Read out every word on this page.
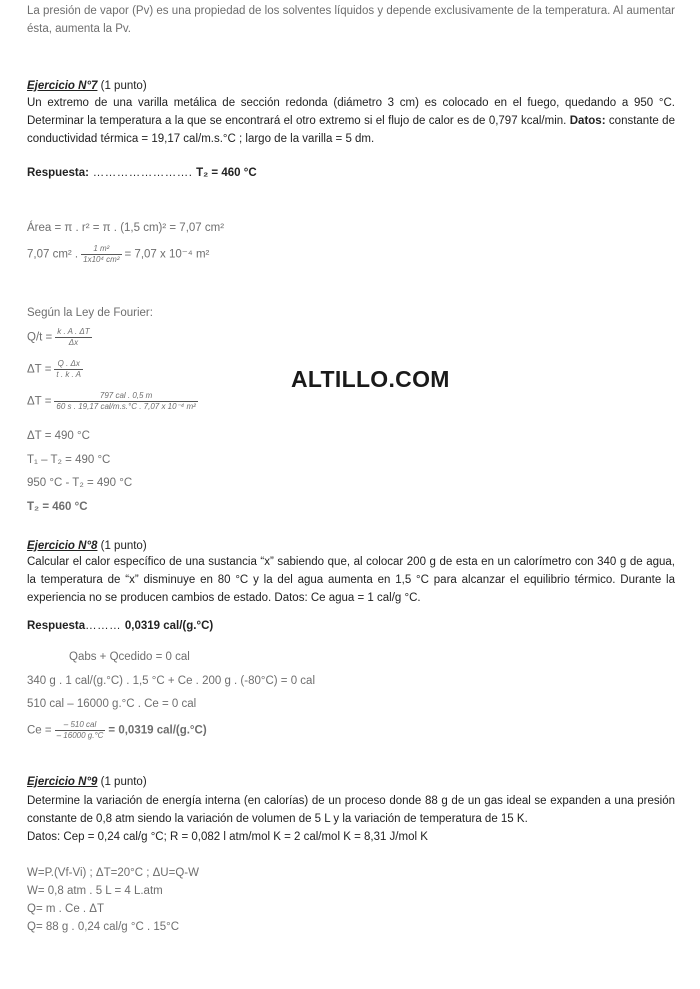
La presión de vapor (Pv) es una propiedad de los solventes líquidos y depende exclusivamente de la temperatura. Al aumentar ésta, aumenta la Pv.
Ejercicio N°7 (1 punto)
Un extremo de una varilla metálica de sección redonda (diámetro 3 cm) es colocado en el fuego, quedando a 950 °C. Determinar la temperatura a la que se encontrará el otro extremo si el flujo de calor es de 0,797 kcal/min. Datos: constante de conductividad térmica = 19,17 cal/m.s.°C ; largo de la varilla = 5 dm.
Respuesta: ……………………. T₂ = 460 °C
Área = π . r² = π . (1,5 cm)² = 7,07 cm²
7,07 cm² . $\frac{\text{1 m²}}{\text{1x10⁴ cm²}} = 7,07$ x 10⁻⁴ m²
Según la Ley de Fourier:
$Q/t = \frac{k . A . \Delta T}{\Delta x}$
$\Delta T = \frac{Q . \Delta x}{t . k . A}$
$\Delta T = \frac{\text{797 cal . 0,5 m}}{\text{60 s . 19,17 cal/m.s.°C . 7,07 x 10⁻⁴ m²}}$
ΔT = 490 °C
T₁ – T₂ = 490 °C
950 °C - T₂ = 490 °C
T₂ = 460 °C
ALTILLO.COM
Ejercicio N°8 (1 punto)
Calcular el calor específico de una sustancia “x” sabiendo que, al colocar 200 g de esta en un calorímetro con 340 g de agua, la temperatura de “x” disminuye en 80 °C y la del agua aumenta en 1,5 °C para alcanzar el equilibrio térmico. Durante la experiencia no se producen cambios de estado. Datos: Ce agua = 1 cal/g °C.
Respuesta……… 0,0319 cal/(g.°C)
Qabs + Qcedido = 0 cal
340 g . 1 cal/(g.°C) . 1,5 °C + Ce . 200 g . (-80°C) = 0 cal
510 cal – 16000 g.°C . Ce = 0 cal
$Ce = \frac{\text{– 510 cal}}{- 16000 g.^\circ C} = 0,0319$ cal/(g.°C)
Ejercicio N°9 (1 punto)
Determine la variación de energía interna (en calorías) de un proceso donde 88 g de un gas ideal se expanden a una presión constante de 0,8 atm siendo la variación de volumen de 5 L y la variación de temperatura de 15 K.
Datos: Cep = 0,24 cal/g °C; R = 0,082 l atm/mol K = 2 cal/mol K = 8,31 J/mol K
W=P.(Vf-Vi) ; ΔT=20°C ; ΔU=Q-W
W= 0,8 atm . 5 L = 4 L.atm
Q= m . Ce . ΔT
Q= 88 g . 0,24 cal/g °C . 15°C
